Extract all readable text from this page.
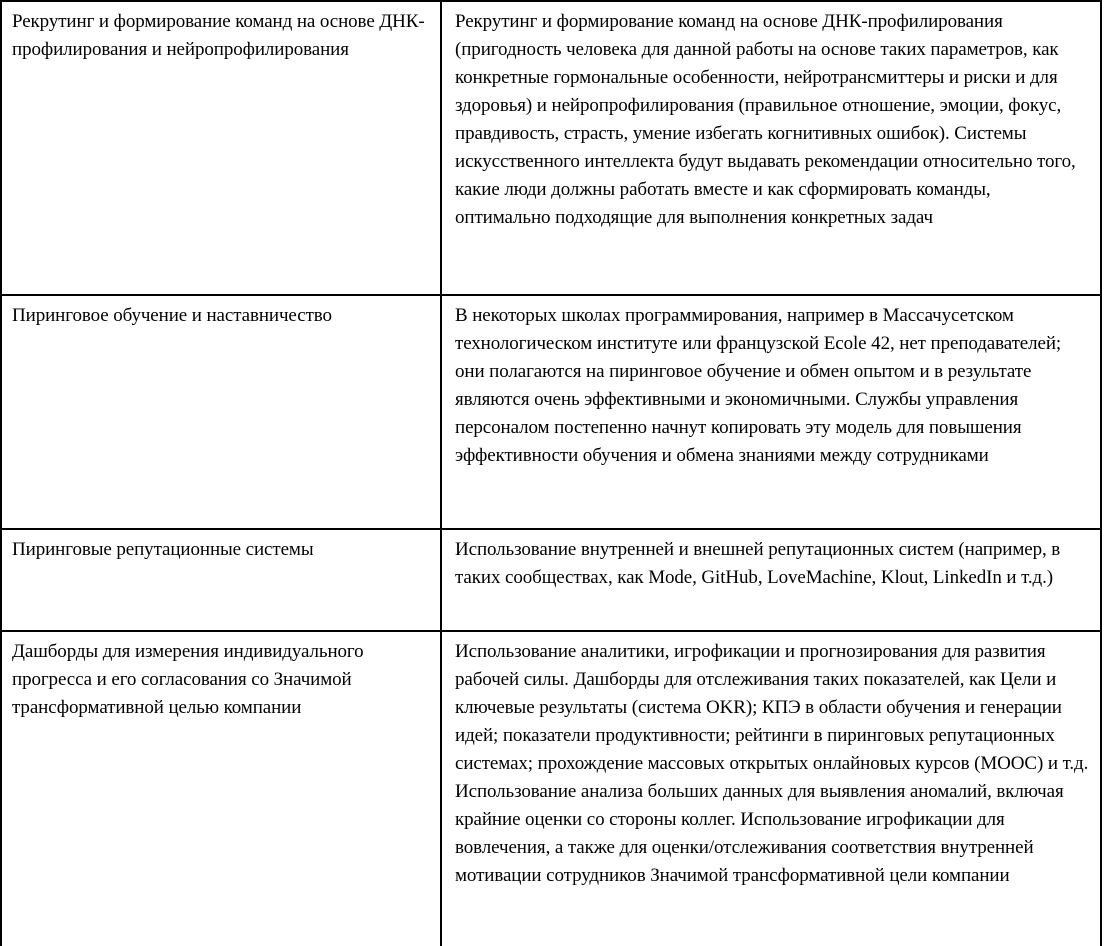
Рекрутинг и формирование команд на основе ДНК-профилирования и нейропрофилирования	Рекрутинг и формирование команд на основе ДНК-профилирования (пригодность человека для данной работы на основе таких параметров, как конкретные гормональные особенности, нейротрансмиттеры и риски и для здоровья) и нейропрофилирования (правильное отношение, эмоции, фокус, правдивость, страсть, умение избегать когнитивных ошибок). Системы искусственного интеллекта будут выдавать рекомендации относительно того, какие люди должны работать вместе и как сформировать команды, оптимально подходящие для выполнения конкретных задач
Пиринговое обучение и наставничество	В некоторых школах программирования, например в Массачусетском технологическом институте или французской Ecole 42, нет преподавателей; они полагаются на пиринговое обучение и обмен опытом и в результате являются очень эффективными и экономичными. Службы управления персоналом постепенно начнут копировать эту модель для повышения эффективности обучения и обмена знаниями между сотрудниками
Пиринговые репутационные системы	Использование внутренней и внешней репутационных систем (например, в таких сообществах, как Mode, GitHub, LoveMachine, Klout, LinkedIn и т.д.)
Дашборды для измерения индивидуального прогресса и его согласования со Значимой трансформативной целью компании	Использование аналитики, игрофикации и прогнозирования для развития рабочей силы. Дашборды для отслеживания таких показателей, как Цели и ключевые результаты (система OKR); КПЭ в области обучения и генерации идей; показатели продуктивности; рейтинги в пиринговых репутационных системах; прохождение массовых открытых онлайновых курсов (MOOC) и т.д. Использование анализа больших данных для выявления аномалий, включая крайние оценки со стороны коллег. Использование игрофикации для вовлечения, а также для оценки/отслеживания соответствия внутренней мотивации сотрудников Значимой трансформативной цели компании
